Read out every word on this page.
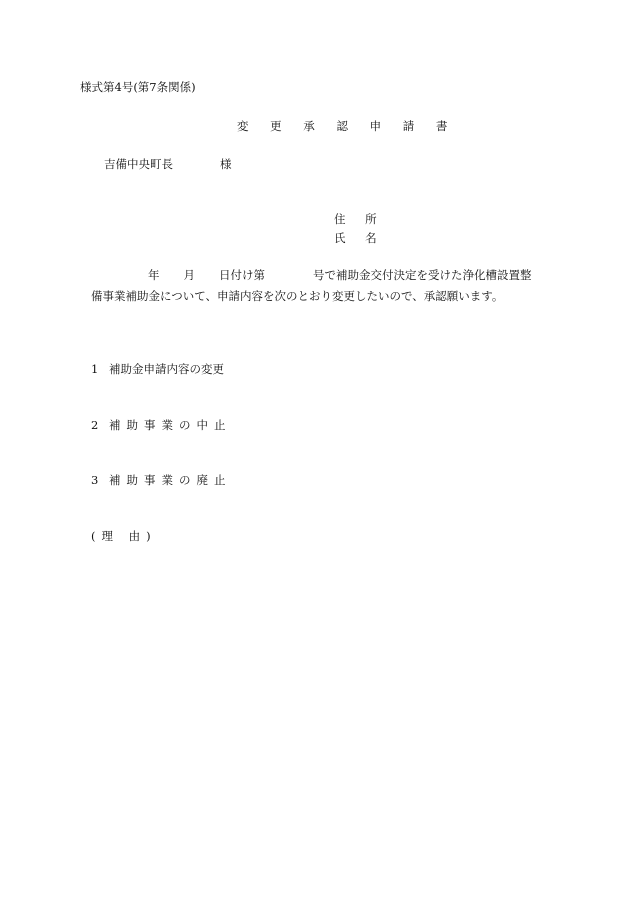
様式第4号(第7条関係)
変 更 承 認 申 請 書
吉備中央町長	様
住 所
氏 名
年 月 日付け第	号で補助金交付決定を受けた浄化槽設置整
備事業補助金について、申請内容を次のとおり変更したいので、承認願います。
1 補助金申請内容の変更
2 補助事業の中止
3 補助事業の廃止
(理 由)
